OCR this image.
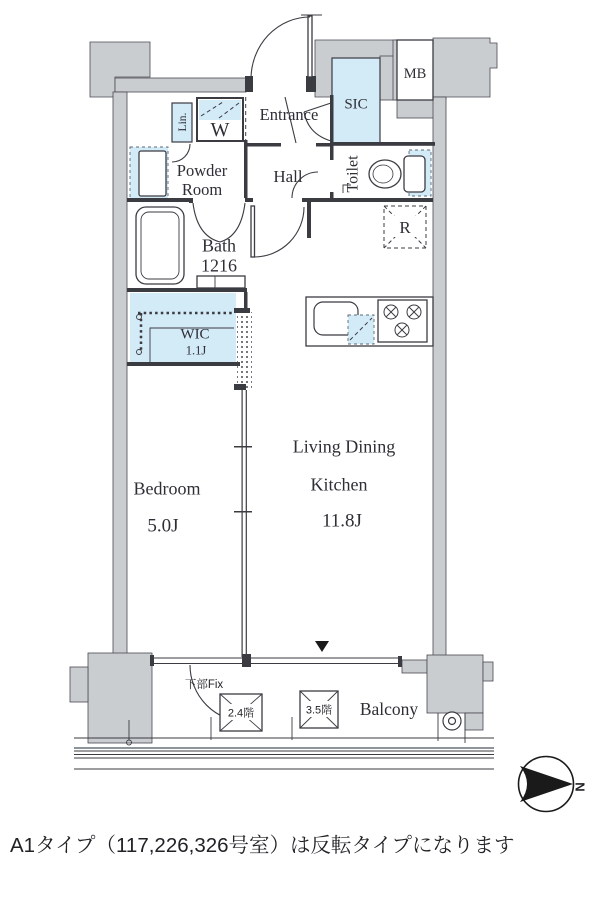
N
Entrance
SIC
MB
Hall
Powder
Room	Toilet
W
Lin.
Bath
1216
R
WIC
1.1J
Bedroom
5.0J
Living Dining
Kitchen
11.8J
Balcony
下部Fix
2.4階	3.5階
A1タイプ（117,226,326号室）は反転タイプになります
